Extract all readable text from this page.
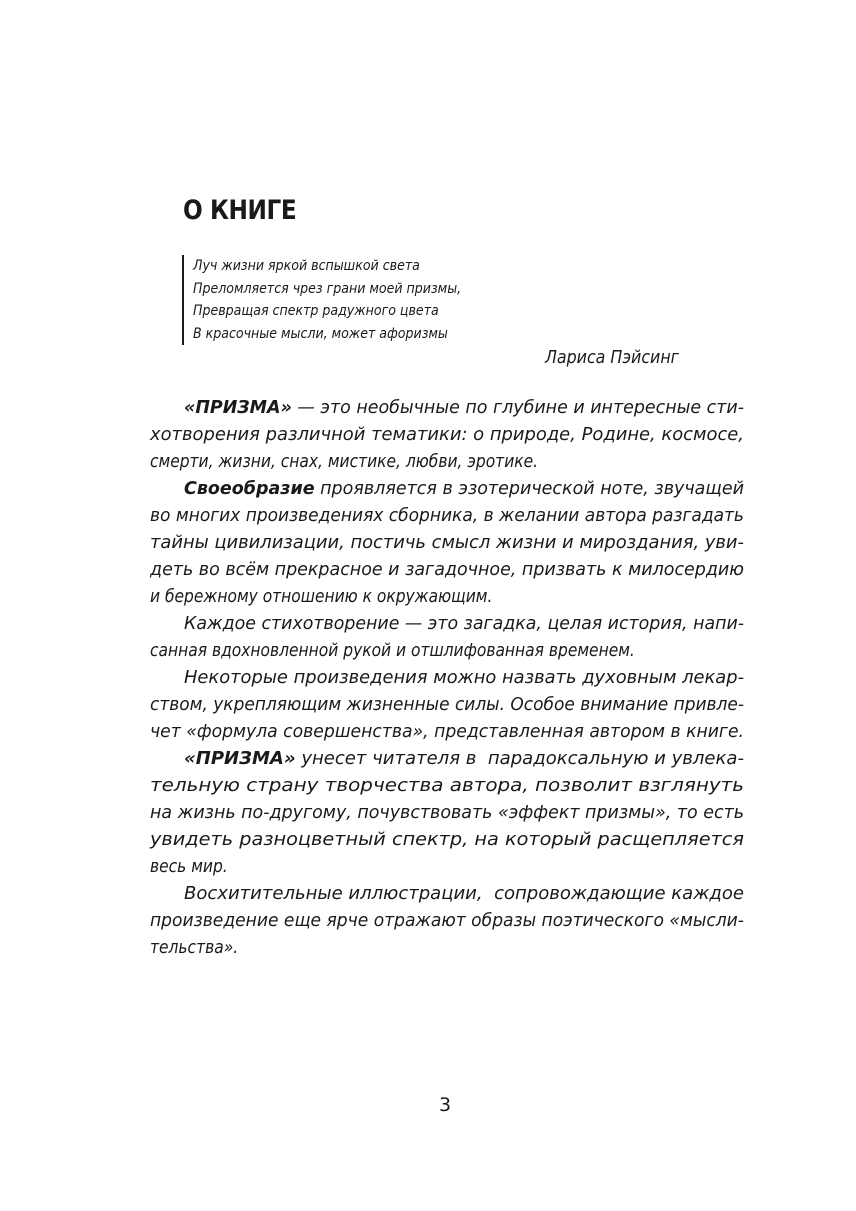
О КНИГЕ
Луч жизни яркой вспышкой света
Преломляется чрез грани моей призмы,
Превращая спектр радужного цвета
В красочные мысли, может афоризмы
Лариса Пэйсинг
«ПРИЗМА» — это необычные по глубине и интересные сти-
хотворения различной тематики: о природе, Родине, космосе,
смерти, жизни, снах, мистике, любви, эротике.
Своеобразие проявляется в эзотерической ноте, звучащей
во многих произведениях сборника, в желании автора разгадать
тайны цивилизации, постичь смысл жизни и мироздания, уви-
деть во всём прекрасное и загадочное, призвать к милосердию
и бережному отношению к окружающим.
Каждое стихотворение — это загадка, целая история, напи-
санная вдохновленной рукой и отшлифованная временем.
Некоторые произведения можно назвать духовным лекар-
ством, укрепляющим жизненные силы. Особое внимание привле-
чет «формула совершенства», представленная автором в книге.
«ПРИЗМА» унесет читателя в  парадоксальную и увлека-
тельную страну творчества автора, позволит взглянуть
на жизнь по-другому, почувствовать «эффект призмы», то есть
увидеть разноцветный спектр, на который расщепляется
весь мир.
Восхитительные иллюстрации,  сопровождающие каждое
произведение еще ярче отражают образы поэтического «мысли-
тельства».
3
